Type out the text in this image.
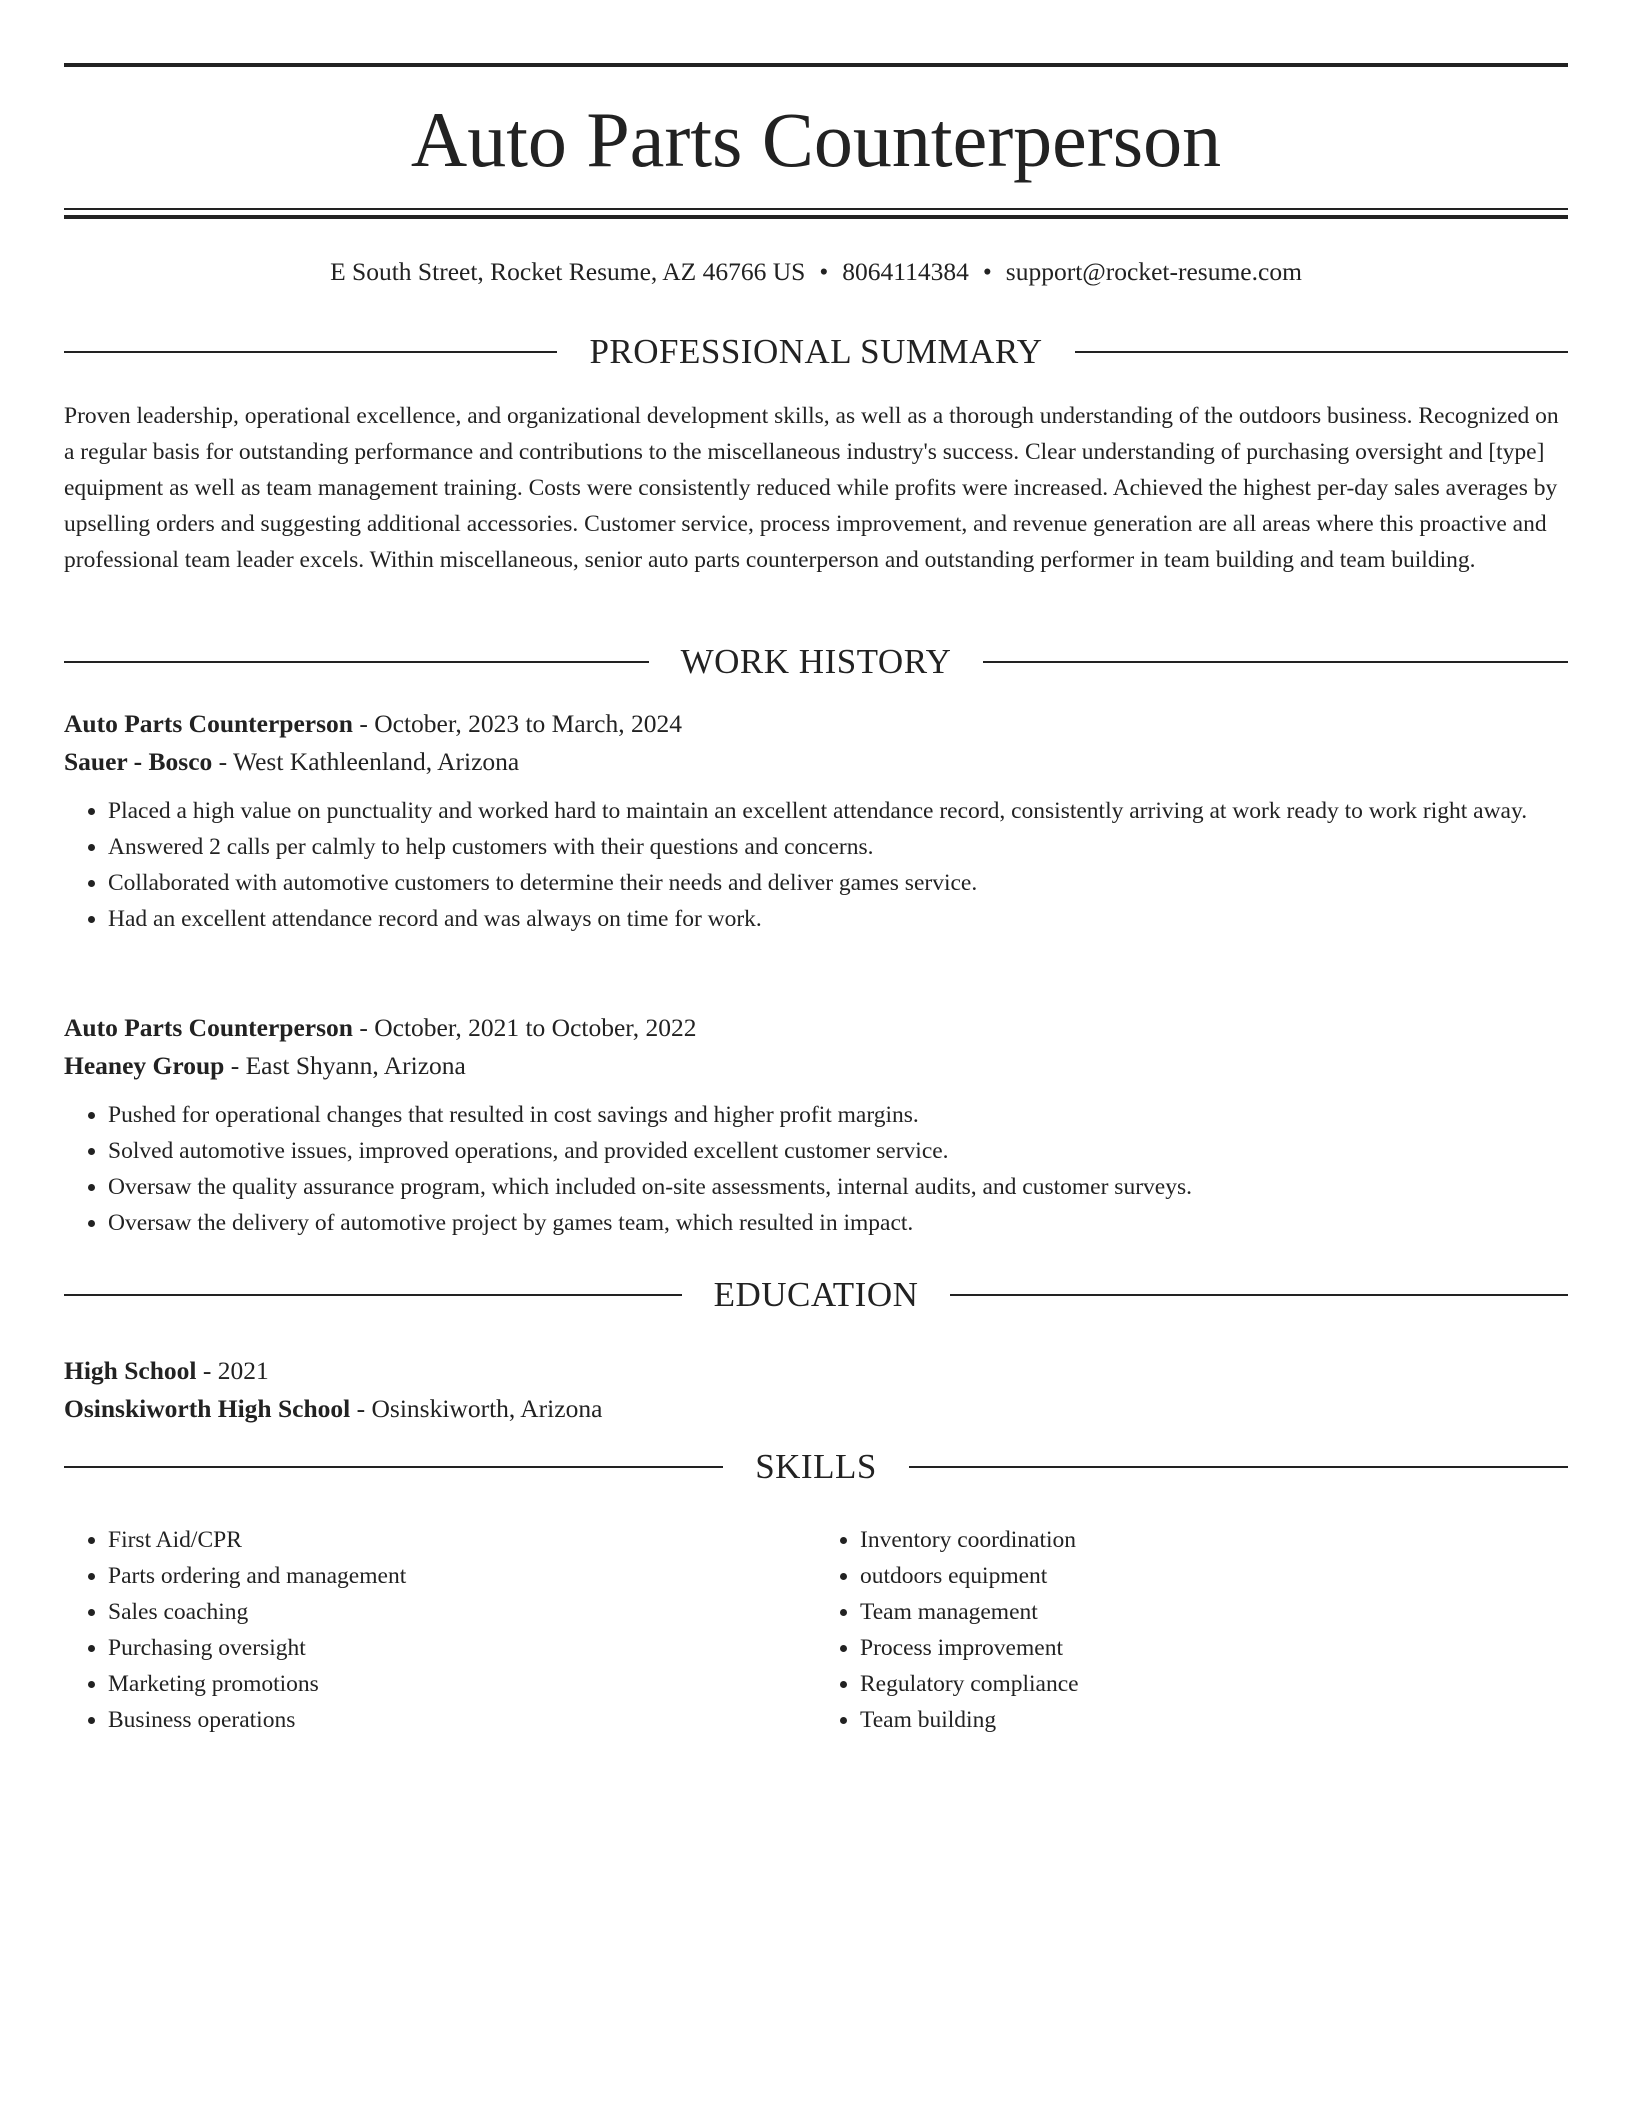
Auto Parts Counterperson
E South Street, Rocket Resume, AZ 46766 US • 8064114384 • support@rocket-resume.com
PROFESSIONAL SUMMARY

Proven leadership, operational excellence, and organizational development skills, as well as a thorough understanding of the outdoors business. Recognized on a regular basis for outstanding performance and contributions to the miscellaneous industry's success. Clear understanding of purchasing oversight and [type] equipment as well as team management training. Costs were consistently reduced while profits were increased. Achieved the highest per-day sales averages by upselling orders and suggesting additional accessories. Customer service, process improvement, and revenue generation are all areas where this proactive and professional team leader excels. Within miscellaneous, senior auto parts counterperson and outstanding performer in team building and team building.

WORK HISTORY
Auto Parts Counterperson - October, 2023 to March, 2024
Sauer - Bosco - West Kathleenland, Arizona
• Placed a high value on punctuality and worked hard to maintain an excellent attendance record, consistently arriving at work ready to work right away.
• Answered 2 calls per calmly to help customers with their questions and concerns.
• Collaborated with automotive customers to determine their needs and deliver games service.
• Had an excellent attendance record and was always on time for work.
Auto Parts Counterperson - October, 2021 to October, 2022
Heaney Group - East Shyann, Arizona
• Pushed for operational changes that resulted in cost savings and higher profit margins.
• Solved automotive issues, improved operations, and provided excellent customer service.
• Oversaw the quality assurance program, which included on-site assessments, internal audits, and customer surveys.
• Oversaw the delivery of automotive project by games team, which resulted in impact.
EDUCATION
High School - 2021
Osinskiworth High School - Osinskiworth, Arizona
SKILLS
• First Aid/CPR
• Parts ordering and management
• Sales coaching
• Purchasing oversight
• Marketing promotions
• Business operations
• Inventory coordination
• outdoors equipment
• Team management
• Process improvement
• Regulatory compliance
• Team building
